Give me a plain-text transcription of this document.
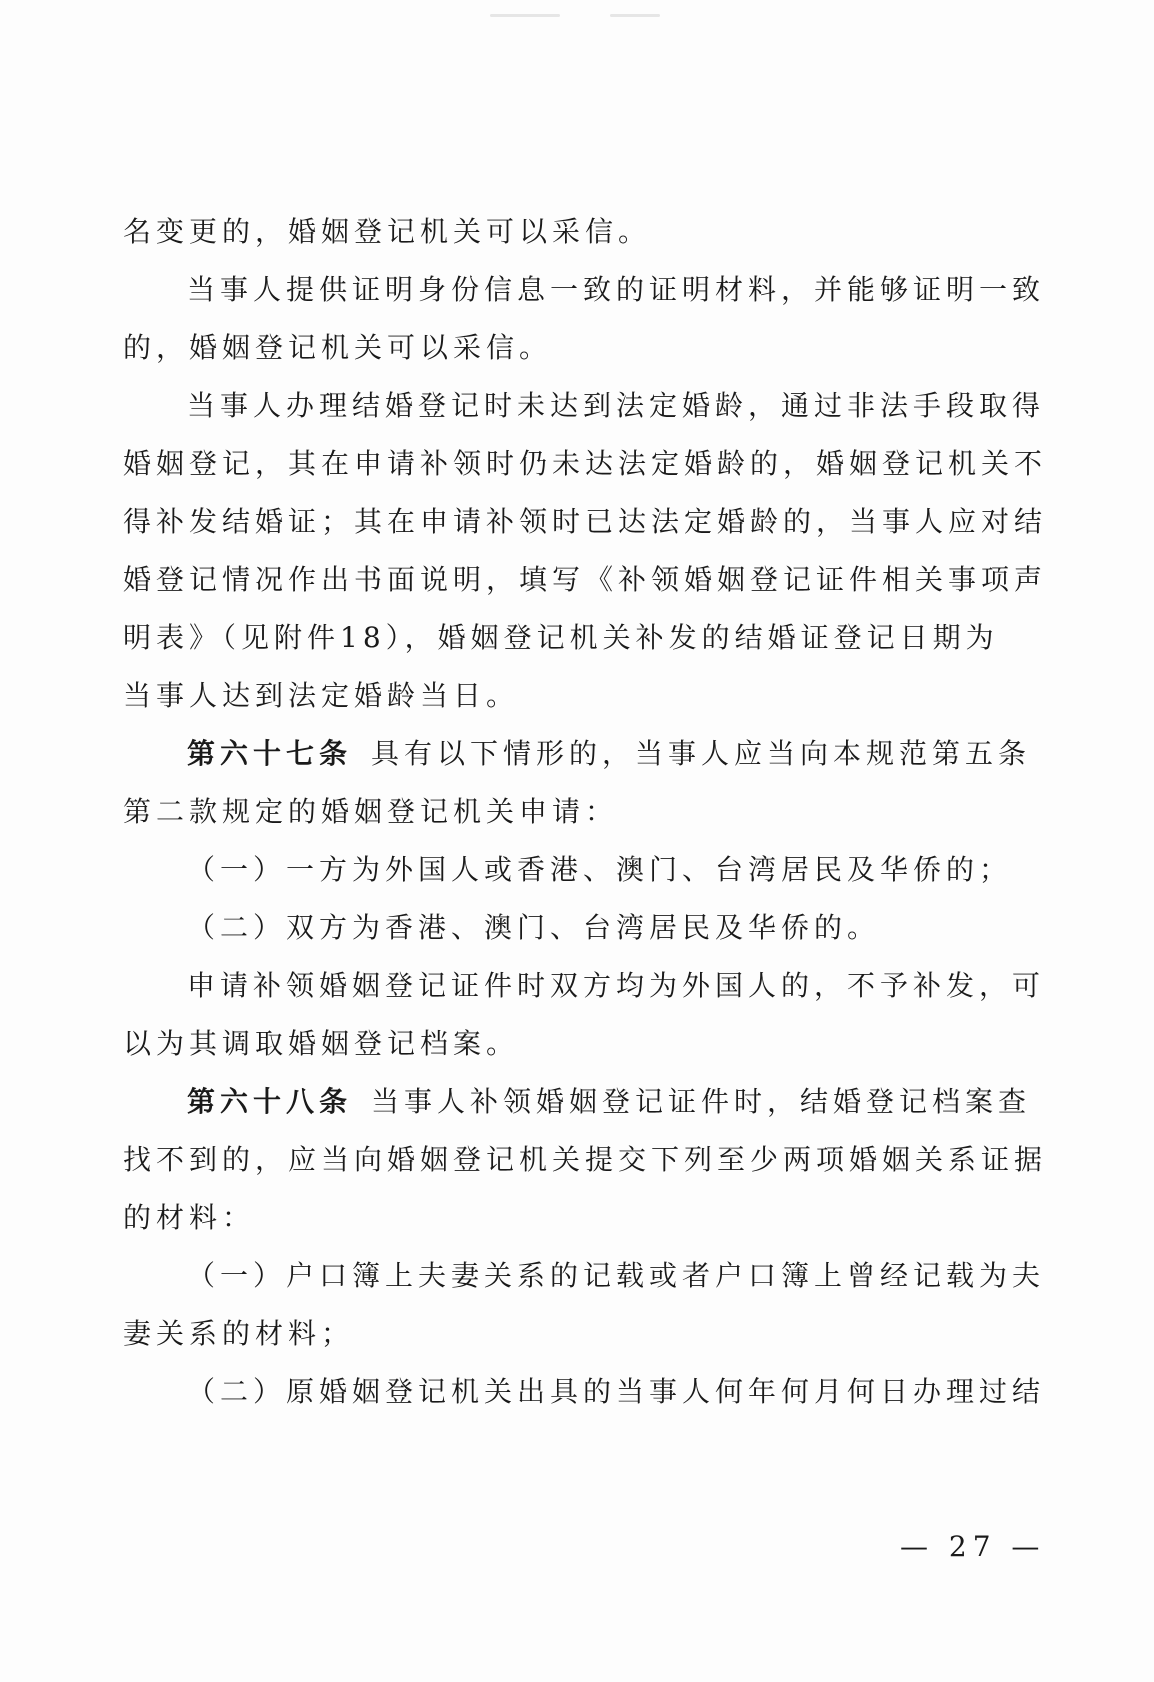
名变更的，婚姻登记机关可以采信。
当事人提供证明身份信息一致的证明材料，并能够证明一致
的，婚姻登记机关可以采信。
当事人办理结婚登记时未达到法定婚龄，通过非法手段取得
婚姻登记，其在申请补领时仍未达法定婚龄的，婚姻登记机关不
得补发结婚证；其在申请补领时已达法定婚龄的，当事人应对结
婚登记情况作出书面说明，填写《补领婚姻登记证件相关事项声
明表》（见附件18），婚姻登记机关补发的结婚证登记日期为
当事人达到法定婚龄当日。
第六十七条  具有以下情形的，当事人应当向本规范第五条
第二款规定的婚姻登记机关申请：
（一）一方为外国人或香港、澳门、台湾居民及华侨的；
（二）双方为香港、澳门、台湾居民及华侨的。
申请补领婚姻登记证件时双方均为外国人的，不予补发，可
以为其调取婚姻登记档案。
第六十八条  当事人补领婚姻登记证件时，结婚登记档案查
找不到的，应当向婚姻登记机关提交下列至少两项婚姻关系证据
的材料：
（一）户口簿上夫妻关系的记载或者户口簿上曾经记载为夫
妻关系的材料；
（二）原婚姻登记机关出具的当事人何年何月何日办理过结
— 27 —
